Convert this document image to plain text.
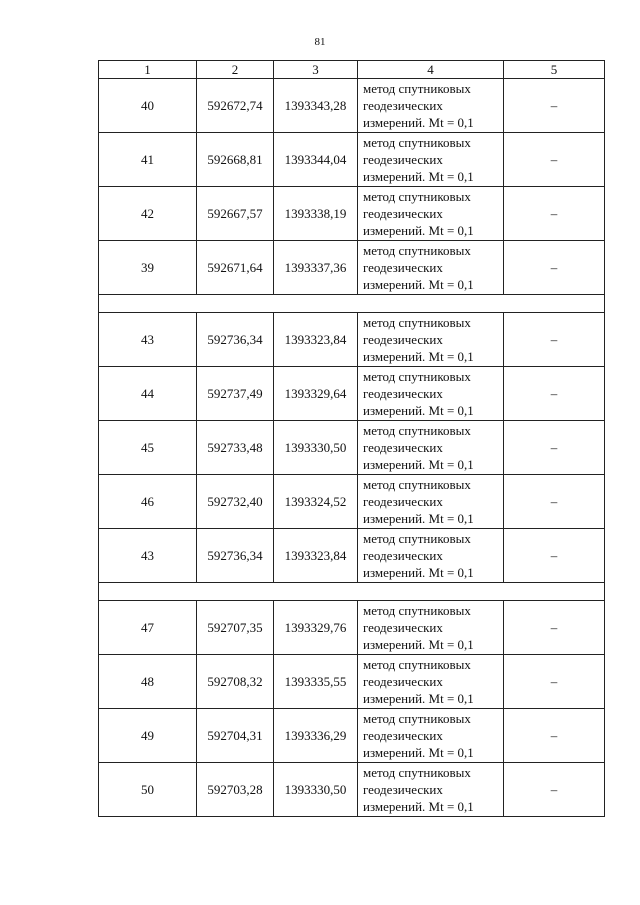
81
1	2	3	4	5
40	592672,74	1393343,28	метод спутниковых
геодезических
измерений. Mt = 0,1	–
41	592668,81	1393344,04	метод спутниковых
геодезических
измерений. Mt = 0,1	–
42	592667,57	1393338,19	метод спутниковых
геодезических
измерений. Mt = 0,1	–
39	592671,64	1393337,36	метод спутниковых
геодезических
измерений. Mt = 0,1	–

43	592736,34	1393323,84	метод спутниковых
геодезических
измерений. Mt = 0,1	–
44	592737,49	1393329,64	метод спутниковых
геодезических
измерений. Mt = 0,1	–
45	592733,48	1393330,50	метод спутниковых
геодезических
измерений. Mt = 0,1	–
46	592732,40	1393324,52	метод спутниковых
геодезических
измерений. Mt = 0,1	–
43	592736,34	1393323,84	метод спутниковых
геодезических
измерений. Mt = 0,1	–

47	592707,35	1393329,76	метод спутниковых
геодезических
измерений. Mt = 0,1	–
48	592708,32	1393335,55	метод спутниковых
геодезических
измерений. Mt = 0,1	–
49	592704,31	1393336,29	метод спутниковых
геодезических
измерений. Mt = 0,1	–
50	592703,28	1393330,50	метод спутниковых
геодезических
измерений. Mt = 0,1	–
